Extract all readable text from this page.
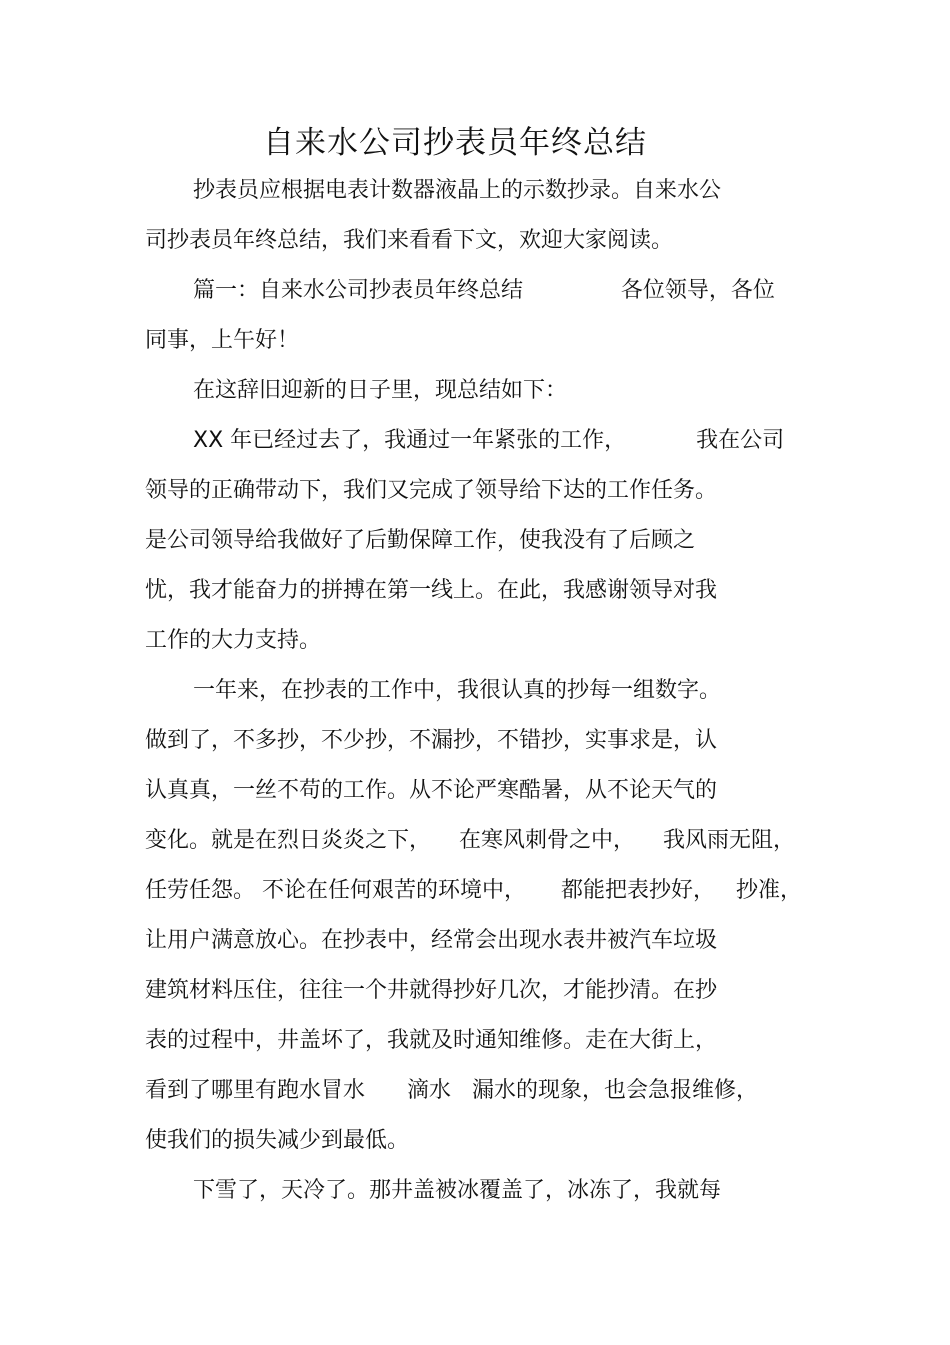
自来水公司抄表员年终总结
抄表员应根据电表计数器液晶上的示数抄录。自来水公
司抄表员年终总结，我们来看看下文，欢迎大家阅读。
篇一：自来水公司抄表员年终总结              各位领导，各位
同事，上午好！
在这辞旧迎新的日子里，现总结如下：
XX 年已经过去了，我通过一年紧张的工作，          我在公司
领导的正确带动下，我们又完成了领导给下达的工作任务。
是公司领导给我做好了后勤保障工作，使我没有了后顾之
忧，我才能奋力的拼搏在第一线上。在此，我感谢领导对我
工作的大力支持。
一年来，在抄表的工作中，我很认真的抄每一组数字。
做到了，不多抄，不少抄，不漏抄，不错抄，实事求是，认
认真真，一丝不苟的工作。从不论严寒酷暑，从不论天气的
变化。就是在烈日炎炎之下，    在寒风刺骨之中，    我风雨无阻，
任劳任怨。 不论在任何艰苦的环境中，     都能把表抄好，   抄准，
让用户满意放心。在抄表中，经常会出现水表井被汽车垃圾
建筑材料压住，往往一个井就得抄好几次，才能抄清。在抄
表的过程中，井盖坏了，我就及时通知维修。走在大街上，
看到了哪里有跑水冒水      滴水   漏水的现象，也会急报维修，
使我们的损失减少到最低。
下雪了，天冷了。那井盖被冰覆盖了，冰冻了，我就每
